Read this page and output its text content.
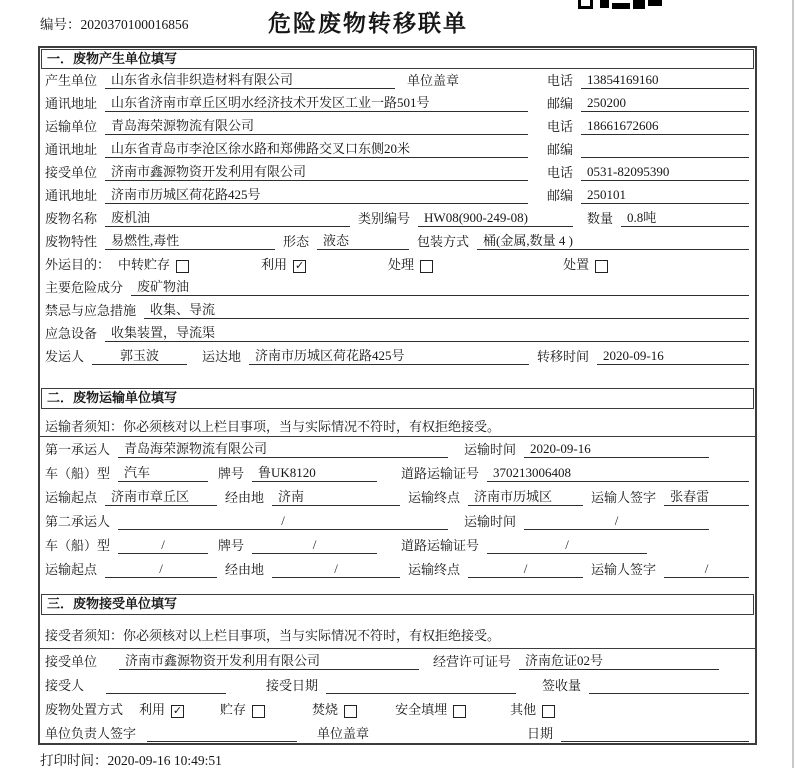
编号：2020370100016856	危险废物转移联单
一．废物产生单位填写
产生单位	山东省永信非织造材料有限公司	单位盖章	电话	13854169160
通讯地址	山东省济南市章丘区明水经济技术开发区工业一路501号	邮编	250200
运输单位	青岛海荣源物流有限公司	电话	18661672606
通讯地址	山东省青岛市李沧区徐水路和郑佛路交叉口东侧20米	邮编
接受单位	济南市鑫源物资开发利用有限公司	电话	0531-82095390
通讯地址	济南市历城区荷花路425号	邮编	250101
废物名称	废机油	类别编号	HW08(900-249-08)	数量	0.8吨
废物特性	易燃性,毒性	形态	液态	包装方式	桶(金属,数量 4 )
外运目的： 中转贮存	利用 ✓	处理	处置
主要危险成分	废矿物油
禁忌与应急措施	收集、导流
应急设备	收集装置，导流渠
发运人	郭玉波	运达地	济南市历城区荷花路425号	转移时间	2020-09-16
二．废物运输单位填写
运输者须知：你必须核对以上栏目事项，当与实际情况不符时，有权拒绝接受。
第一承运人	青岛海荣源物流有限公司	运输时间	2020-09-16
车（船）型	汽车	牌号	鲁UK8120	道路运输证号	370213006408
运输起点	济南市章丘区	经由地	济南	运输终点	济南市历城区	运输人签字	张春雷
第二承运人	/	运输时间	/
车（船）型	/	牌号	/	道路运输证号	/
运输起点	/	经由地	/	运输终点	/	运输人签字	/
三．废物接受单位填写
接受者须知：你必须核对以上栏目事项，当与实际情况不符时，有权拒绝接受。
接受单位	济南市鑫源物资开发利用有限公司	经营许可证号	济南危证02号
接受人	接受日期	签收量
废物处置方式	利用 ✓	贮存	焚烧	安全填埋	其他
单位负责人签字	单位盖章	日期
打印时间：2020-09-16 10:49:51
